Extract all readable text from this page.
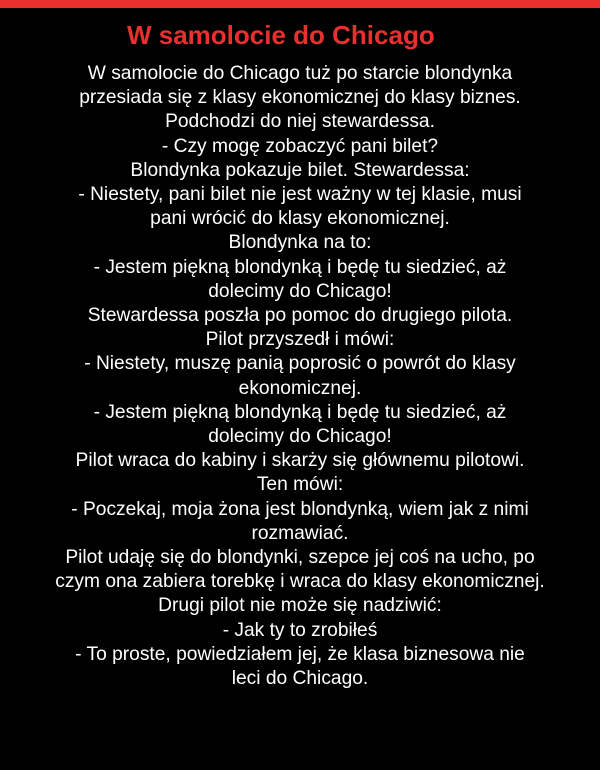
W samolocie do Chicago
W samolocie do Chicago tuż po starcie blondynka
przesiada się z klasy ekonomicznej do klasy biznes.
Podchodzi do niej stewardessa.
- Czy mogę zobaczyć pani bilet?
Blondynka pokazuje bilet. Stewardessa:
- Niestety, pani bilet nie jest ważny w tej klasie, musi
pani wrócić do klasy ekonomicznej.
Blondynka na to:
- Jestem piękną blondynką i będę tu siedzieć, aż
dolecimy do Chicago!
Stewardessa poszła po pomoc do drugiego pilota.
Pilot przyszedł i mówi:
- Niestety, muszę panią poprosić o powrót do klasy
ekonomicznej.
- Jestem piękną blondynką i będę tu siedzieć, aż
dolecimy do Chicago!
Pilot wraca do kabiny i skarży się głównemu pilotowi.
Ten mówi:
- Poczekaj, moja żona jest blondynką, wiem jak z nimi
rozmawiać.
Pilot udaję się do blondynki, szepce jej coś na ucho, po
czym ona zabiera torebkę i wraca do klasy ekonomicznej.
Drugi pilot nie może się nadziwić:
- Jak ty to zrobiłeś
- To proste, powiedziałem jej, że klasa biznesowa nie
leci do Chicago.
